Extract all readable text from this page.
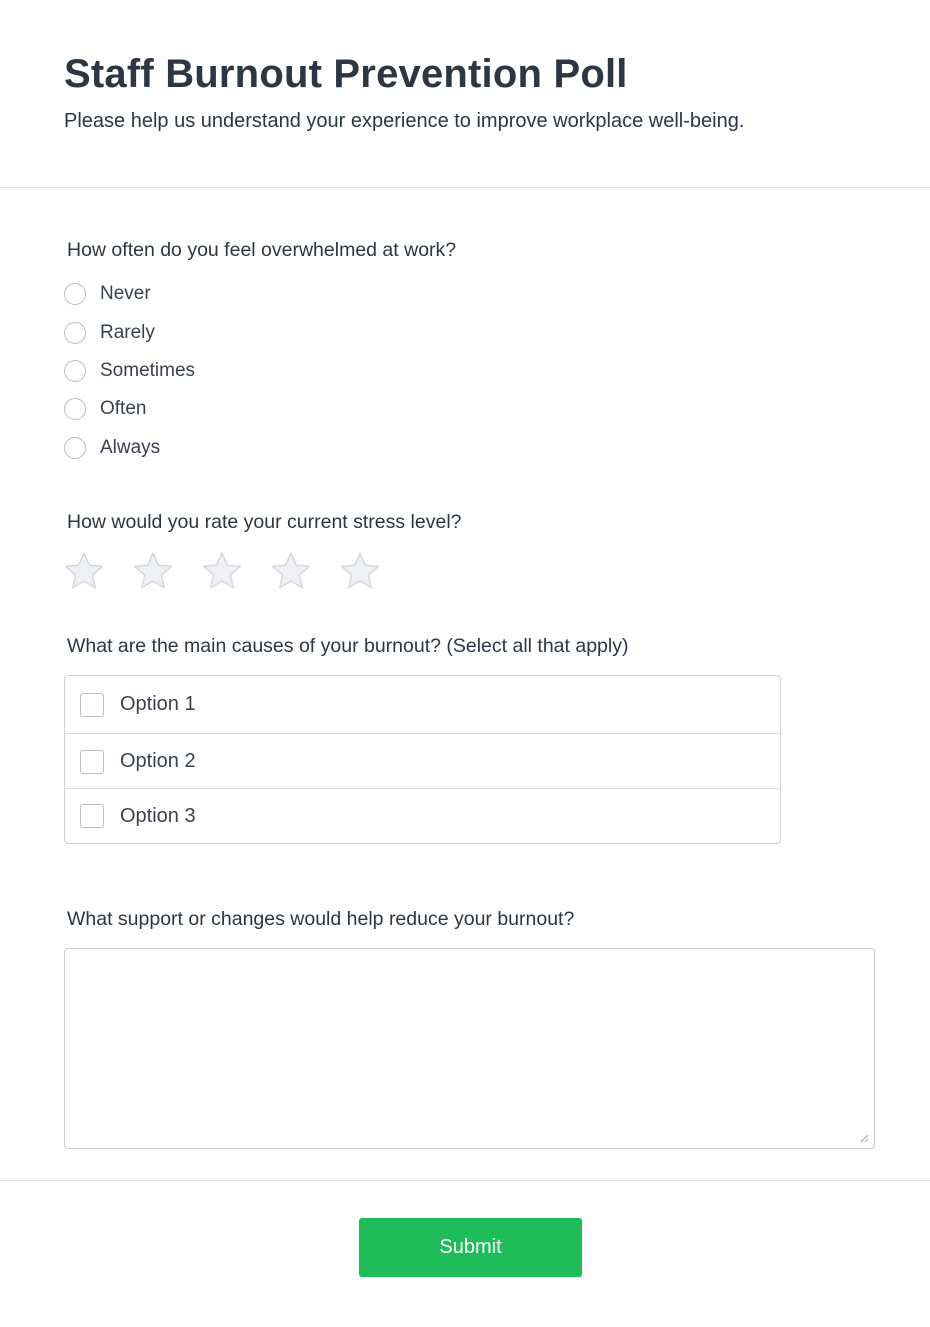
Staff Burnout Prevention Poll

Please help us understand your experience to improve workplace well-being.

How often do you feel overwhelmed at work?

Never
Rarely
Sometimes
Often
Always

How would you rate your current stress level?

What are the main causes of your burnout? (Select all that apply)

Option 1
Option 2
Option 3

What support or changes would help reduce your burnout?

Submit
